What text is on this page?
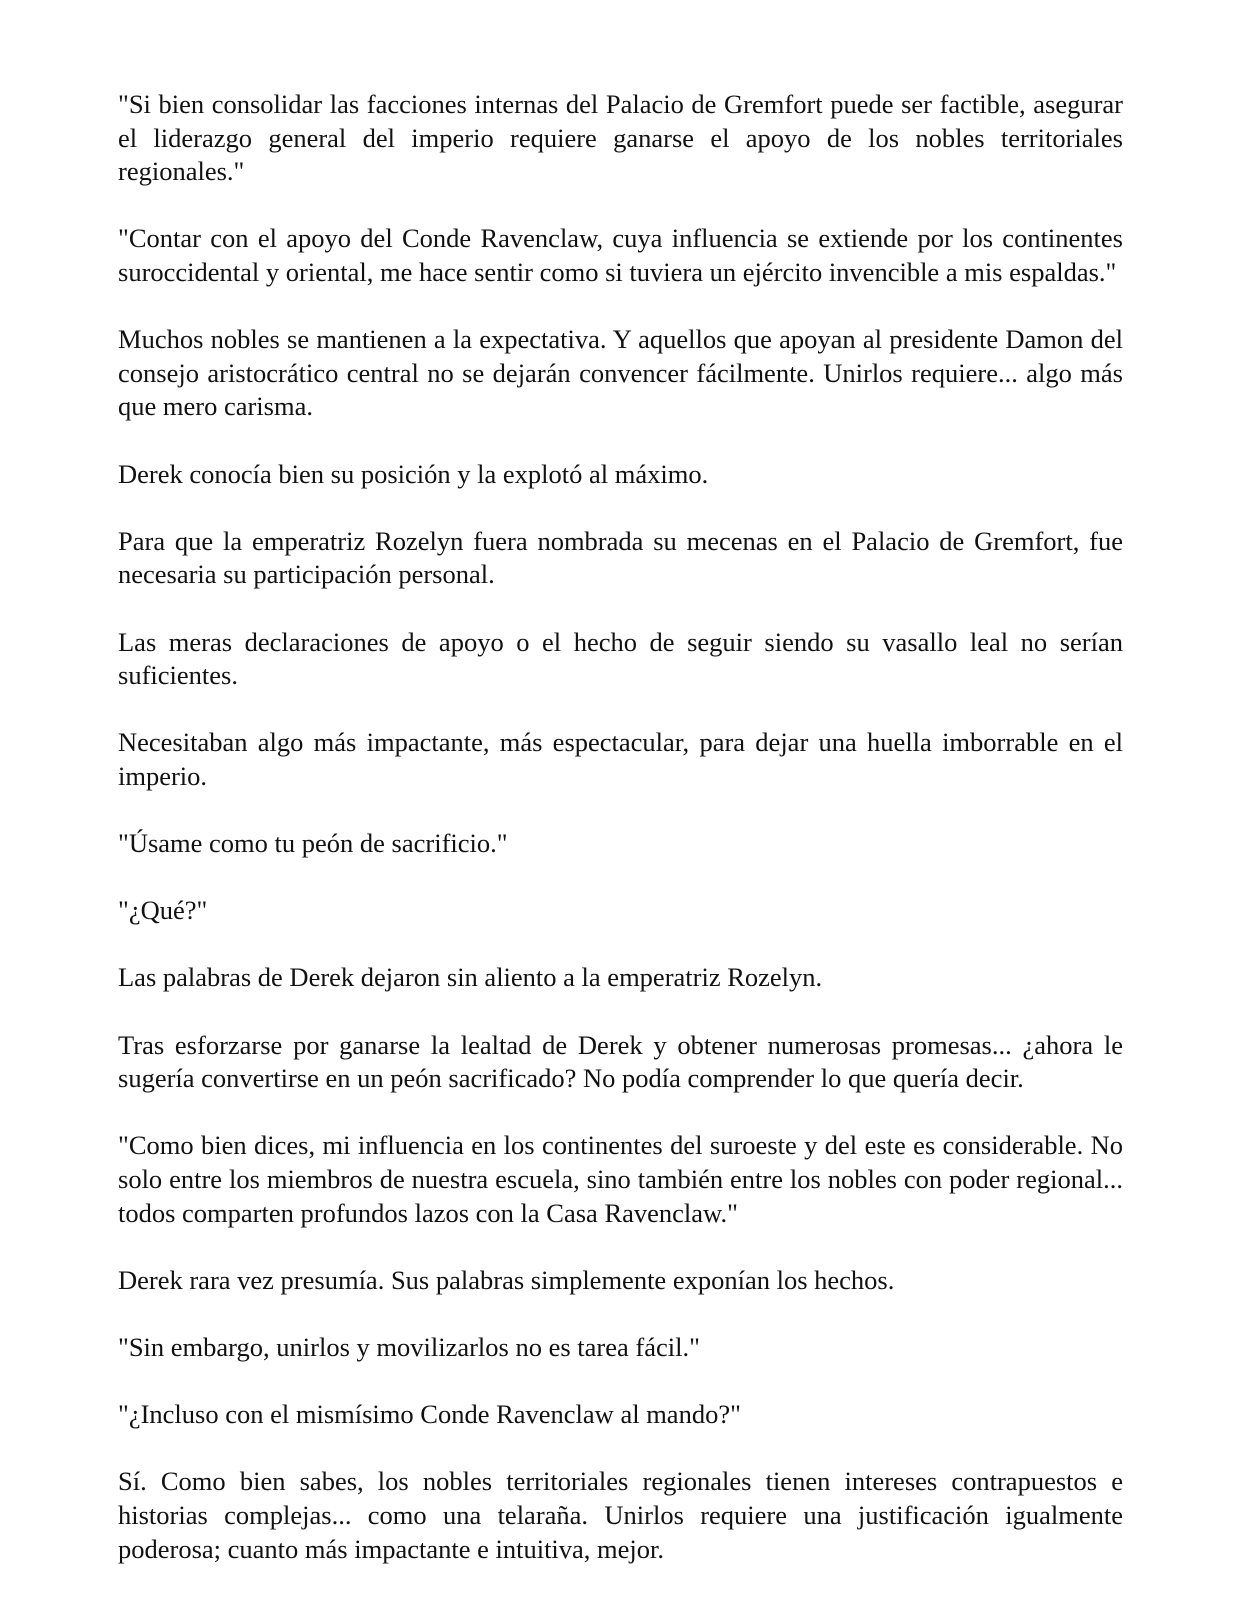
"Si bien consolidar las facciones internas del Palacio de Gremfort puede ser factible, asegurar el liderazgo general del imperio requiere ganarse el apoyo de los nobles territoriales regionales."

"Contar con el apoyo del Conde Ravenclaw, cuya influencia se extiende por los continentes suroccidental y oriental, me hace sentir como si tuviera un ejército invencible a mis espaldas."

Muchos nobles se mantienen a la expectativa. Y aquellos que apoyan al presidente Damon del consejo aristocrático central no se dejarán convencer fácilmente. Unirlos requiere... algo más que mero carisma.

Derek conocía bien su posición y la explotó al máximo.

Para que la emperatriz Rozelyn fuera nombrada su mecenas en el Palacio de Gremfort, fue necesaria su participación personal.

Las meras declaraciones de apoyo o el hecho de seguir siendo su vasallo leal no serían suficientes.

Necesitaban algo más impactante, más espectacular, para dejar una huella imborrable en el imperio.

"Úsame como tu peón de sacrificio."

"¿Qué?"

Las palabras de Derek dejaron sin aliento a la emperatriz Rozelyn.

Tras esforzarse por ganarse la lealtad de Derek y obtener numerosas promesas... ¿ahora le sugería convertirse en un peón sacrificado? No podía comprender lo que quería decir.

"Como bien dices, mi influencia en los continentes del suroeste y del este es considerable. No solo entre los miembros de nuestra escuela, sino también entre los nobles con poder regional... todos comparten profundos lazos con la Casa Ravenclaw."

Derek rara vez presumía. Sus palabras simplemente exponían los hechos.

"Sin embargo, unirlos y movilizarlos no es tarea fácil."

"¿Incluso con el mismísimo Conde Ravenclaw al mando?"

Sí. Como bien sabes, los nobles territoriales regionales tienen intereses contrapuestos e historias complejas... como una telaraña. Unirlos requiere una justificación igualmente poderosa; cuanto más impactante e intuitiva, mejor.
